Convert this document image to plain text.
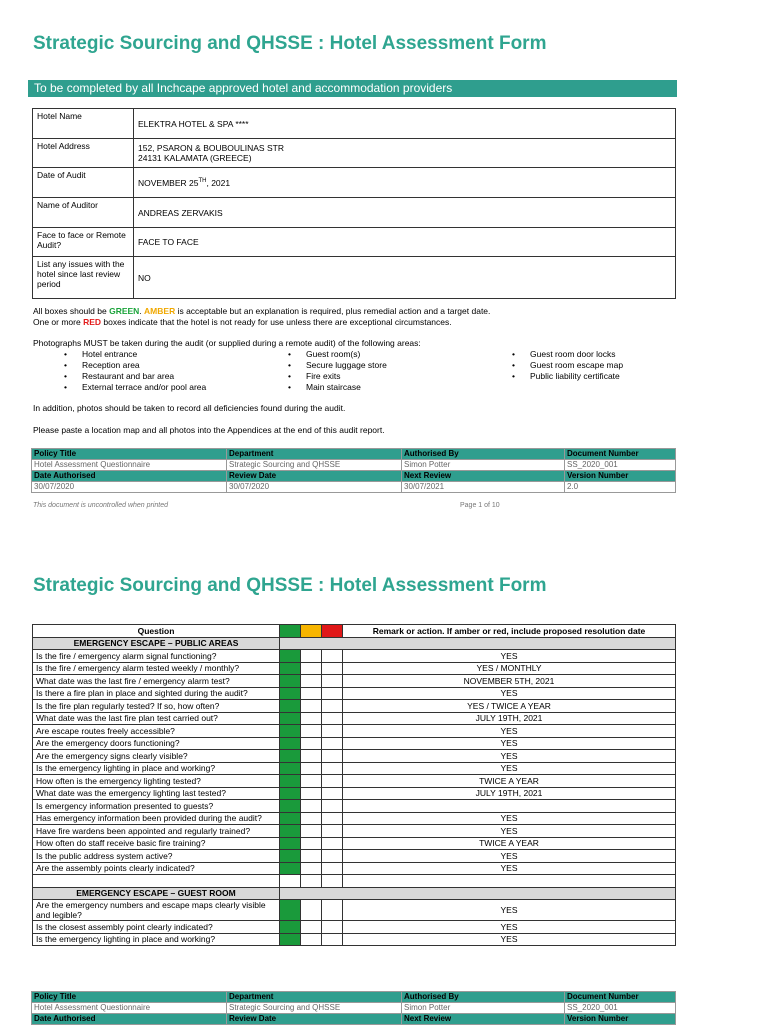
Strategic Sourcing and QHSSE : Hotel Assessment Form
To be completed by all Inchcape approved hotel and accommodation providers
Hotel Name	ELEKTRA HOTEL & SPA ****
Hotel Address	152, PSARON & BOUBOULINAS STR
24131 KALAMATA (GREECE)
Date of Audit	NOVEMBER 25TH, 2021
Name of Auditor	ANDREAS ZERVAKIS
Face to face or Remote Audit?	FACE TO FACE
List any issues with the hotel since last review period	NO
All boxes should be GREEN. AMBER is acceptable but an explanation is required, plus remedial action and a target date.
One or more RED boxes indicate that the hotel is not ready for use unless there are exceptional circumstances.
Photographs MUST be taken during the audit (or supplied during a remote audit) of the following areas:
• Hotel entrance
• Reception area
• Restaurant and bar area
• External terrace and/or pool area
• Guest room(s)
• Secure luggage store
• Fire exits
• Main staircase
• Guest room door locks
• Guest room escape map
• Public liability certificate
In addition, photos should be taken to record all deficiencies found during the audit.
Please paste a location map and all photos into the Appendices at the end of this audit report.
Policy Title	Department	Authorised By	Document Number
Hotel Assessment Questionnaire	Strategic Sourcing and QHSSE	Simon Potter	SS_2020_001
Date Authorised	Review Date	Next Review	Version Number
30/07/2020	30/07/2020	30/07/2021	2.0
This document is uncontrolled when printed	Page 1 of 10
Strategic Sourcing and QHSSE : Hotel Assessment Form
Question				Remark or action. If amber or red, include proposed resolution date
EMERGENCY ESCAPE – PUBLIC AREAS				
Is the fire / emergency alarm signal functioning?				YES
Is the fire / emergency alarm tested weekly / monthly?				YES / MONTHLY
What date was the last fire / emergency alarm test?				NOVEMBER 5TH, 2021
Is there a fire plan in place and sighted during the audit?				YES
Is the fire plan regularly tested? If so, how often?				YES / TWICE A YEAR
What date was the last fire plan test carried out?				JULY 19TH, 2021
Are escape routes freely accessible?				YES
Are the emergency doors functioning?				YES
Are the emergency signs clearly visible?				YES
Is the emergency lighting in place and working?				YES
How often is the emergency lighting tested?				TWICE A YEAR
What date was the emergency lighting last tested?				JULY 19TH, 2021
Is emergency information presented to guests?				
Has emergency information been provided during the audit?				YES
Have fire wardens been appointed and regularly trained?				YES
How often do staff receive basic fire training?				TWICE A YEAR
Is the public address system active?				YES
Are the assembly points clearly indicated?				YES

EMERGENCY ESCAPE – GUEST ROOM				
Are the emergency numbers and escape maps clearly visible and legible?				YES
Is the closest assembly point clearly indicated?				YES
Is the emergency lighting in place and working?				YES
Policy Title	Department	Authorised By	Document Number
Hotel Assessment Questionnaire	Strategic Sourcing and QHSSE	Simon Potter	SS_2020_001
Date Authorised	Review Date	Next Review	Version Number
